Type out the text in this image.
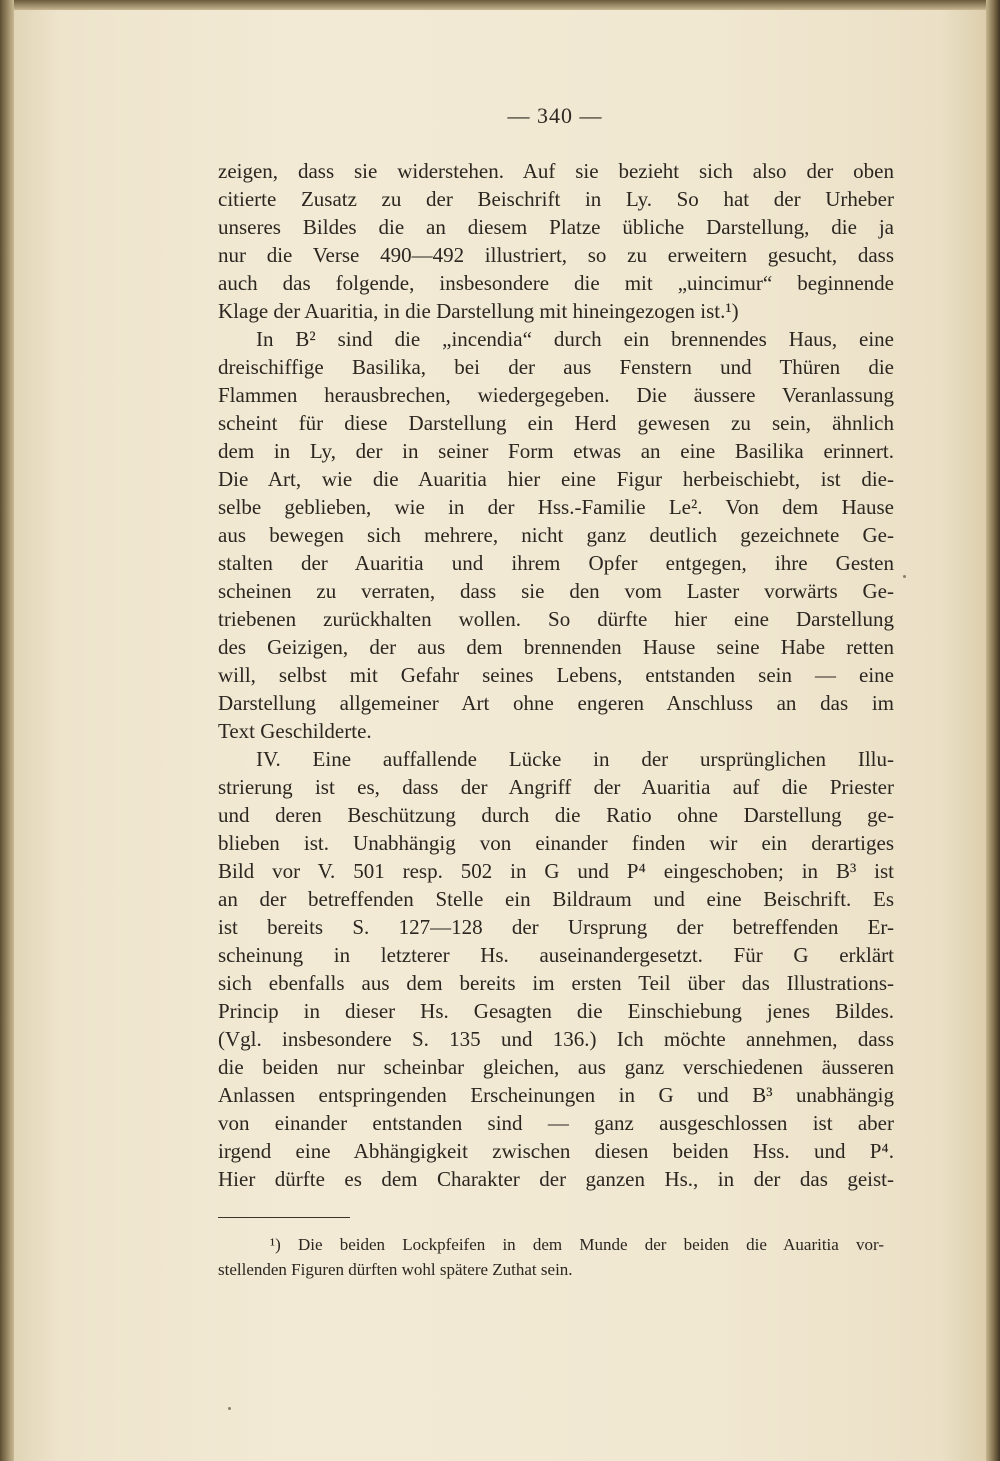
— 340 —
zeigen, dass sie widerstehen. Auf sie bezieht sich also der oben
citierte Zusatz zu der Beischrift in Ly. So hat der Urheber
unseres Bildes die an diesem Platze übliche Darstellung, die ja
nur die Verse 490—492 illustriert, so zu erweitern gesucht, dass
auch das folgende, insbesondere die mit „uincimur“ beginnende
Klage der Auaritia, in die Darstellung mit hineingezogen ist.¹)
In B² sind die „incendia“ durch ein brennendes Haus, eine
dreischiffige Basilika, bei der aus Fenstern und Thüren die
Flammen herausbrechen, wiedergegeben. Die äussere Veranlassung
scheint für diese Darstellung ein Herd gewesen zu sein, ähnlich
dem in Ly, der in seiner Form etwas an eine Basilika erinnert.
Die Art, wie die Auaritia hier eine Figur herbeischiebt, ist die-
selbe geblieben, wie in der Hss.-Familie Le². Von dem Hause
aus bewegen sich mehrere, nicht ganz deutlich gezeichnete Ge-
stalten der Auaritia und ihrem Opfer entgegen, ihre Gesten
scheinen zu verraten, dass sie den vom Laster vorwärts Ge-
triebenen zurückhalten wollen. So dürfte hier eine Darstellung
des Geizigen, der aus dem brennenden Hause seine Habe retten
will, selbst mit Gefahr seines Lebens, entstanden sein — eine
Darstellung allgemeiner Art ohne engeren Anschluss an das im
Text Geschilderte.
IV. Eine auffallende Lücke in der ursprünglichen Illu-
strierung ist es, dass der Angriff der Auaritia auf die Priester
und deren Beschützung durch die Ratio ohne Darstellung ge-
blieben ist. Unabhängig von einander finden wir ein derartiges
Bild vor V. 501 resp. 502 in G und P⁴ eingeschoben; in B³ ist
an der betreffenden Stelle ein Bildraum und eine Beischrift. Es
ist bereits S. 127—128 der Ursprung der betreffenden Er-
scheinung in letzterer Hs. auseinandergesetzt. Für G erklärt
sich ebenfalls aus dem bereits im ersten Teil über das Illustrations-
Princip in dieser Hs. Gesagten die Einschiebung jenes Bildes.
(Vgl. insbesondere S. 135 und 136.) Ich möchte annehmen, dass
die beiden nur scheinbar gleichen, aus ganz verschiedenen äusseren
Anlassen entspringenden Erscheinungen in G und B³ unabhängig
von einander entstanden sind — ganz ausgeschlossen ist aber
irgend eine Abhängigkeit zwischen diesen beiden Hss. und P⁴.
Hier dürfte es dem Charakter der ganzen Hs., in der das geist-
¹) Die beiden Lockpfeifen in dem Munde der beiden die Auaritia vor-
stellenden Figuren dürften wohl spätere Zuthat sein.
